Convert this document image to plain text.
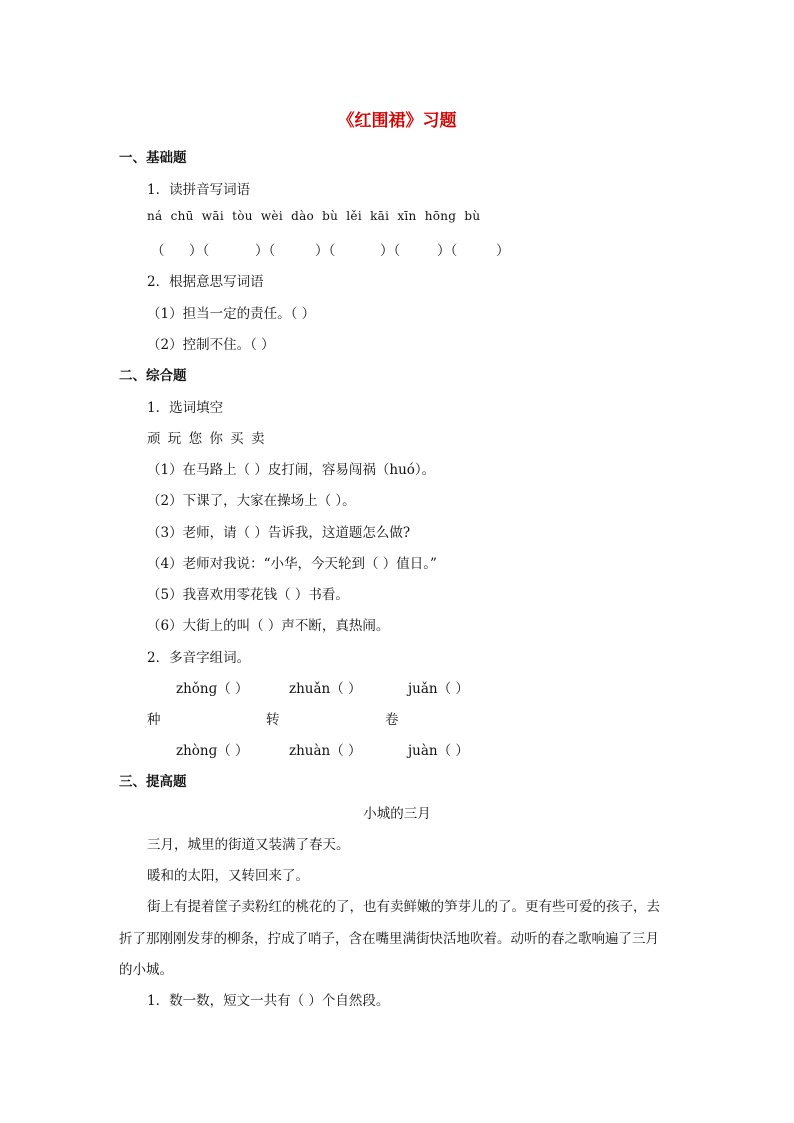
《红围裙》习题
一、基础题
1．读拼音写词语
ná chū wāi tòu wèi dào bù lěi kāi xīn hōng bù
（ ）（	）（	）（	）（	）（	）
2．根据意思写词语
（1）担当一定的责任。（ ）
（2）控制不住。（ ）
二、综合题
1．选词填空
顽 玩 您 你 买 卖
（1）在马路上（ ）皮打闹，容易闯祸（huó）。
（2）下课了，大家在操场上（ ）。
（3）老师，请（ ）告诉我，这道题怎么做?
（4）老师对我说：“小华，今天轮到（ ）值日。”
（5）我喜欢用零花钱（ ）书看。
（6）大街上的叫（ ）声不断，真热闹。
2．多音字组词。
zhǒnɡ（ ）	zhuǎn（ ）	juǎn（ ）
种	转	卷
zhònɡ（ ）	zhuàn（ ）	juàn（ ）
三、提高题
小城的三月
三月，城里的街道又装满了春天。
暖和的太阳，又转回来了。
街上有提着筐子卖粉红的桃花的了，也有卖鲜嫩的笋芽儿的了。更有些可爱的孩子，去
折了那刚刚发芽的柳条，拧成了哨子，含在嘴里满街快活地吹着。动听的春之歌响遍了三月
的小城。
1．数一数，短文一共有（ ）个自然段。
